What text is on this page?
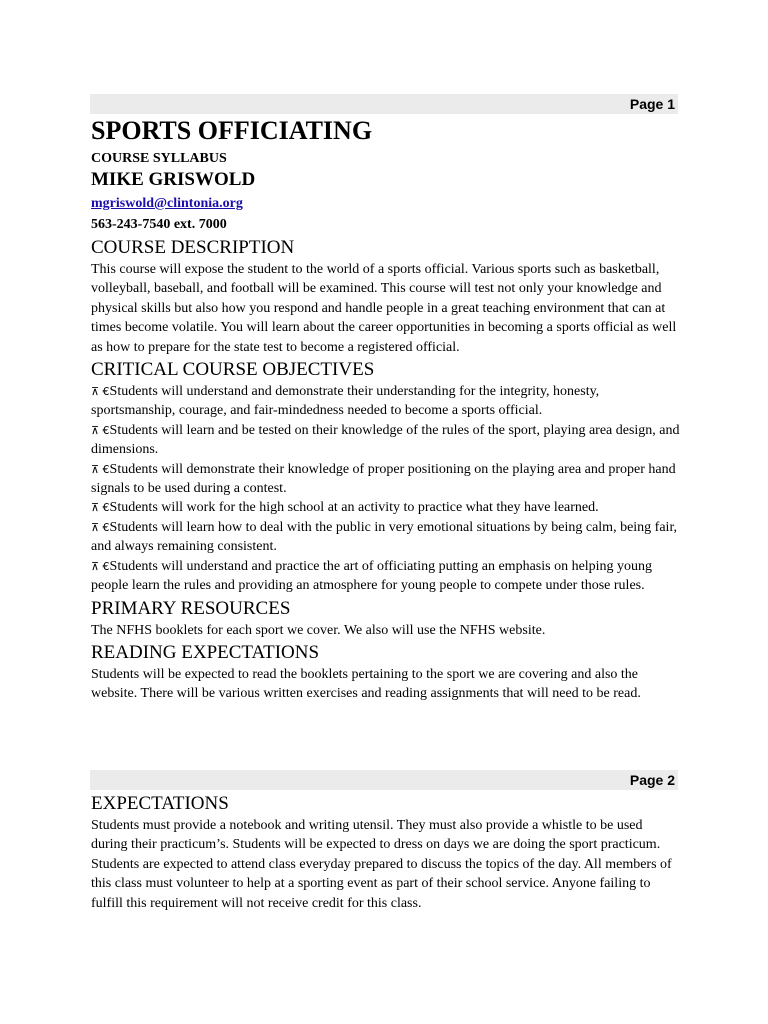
Page 1
SPORTS OFFICIATING
COURSE SYLLABUS
MIKE GRISWOLD
mgriswold@clintonia.org
563-243-7540 ext. 7000
COURSE DESCRIPTION

This course will expose the student to the world of a sports official. Various sports such as basketball, volleyball, baseball, and football will be examined. This course will test not only your knowledge and physical skills but also how you respond and handle people in a great teaching environment that can at times become volatile. You will learn about the career opportunities in becoming a sports official as well as how to prepare for the state test to become a registered official.

CRITICAL COURSE OBJECTIVES

⊼ €Students will understand and demonstrate their understanding for the integrity, honesty, sportsmanship, courage, and fair-mindedness needed to become a sports official.

⊼ €Students will learn and be tested on their knowledge of the rules of the sport, playing area design, and dimensions.

⊼ €Students will demonstrate their knowledge of proper positioning on the playing area and proper hand signals to be used during a contest.

⊼ €Students will work for the high school at an activity to practice what they have learned.

⊼ €Students will learn how to deal with the public in very emotional situations by being calm, being fair, and always remaining consistent.

⊼ €Students will understand and practice the art of officiating putting an emphasis on helping young people learn the rules and providing an atmosphere for young people to compete under those rules.

PRIMARY RESOURCES

The NFHS booklets for each sport we cover. We also will use the NFHS website.

READING EXPECTATIONS

Students will be expected to read the booklets pertaining to the sport we are covering and also the website. There will be various written exercises and reading assignments that will need to be read.

Page 2
EXPECTATIONS

Students must provide a notebook and writing utensil. They must also provide a whistle to be used during their practicum’s. Students will be expected to dress on days we are doing the sport practicum. Students are expected to attend class everyday prepared to discuss the topics of the day. All members of this class must volunteer to help at a sporting event as part of their school service. Anyone failing to fulfill this requirement will not receive credit for this class.
